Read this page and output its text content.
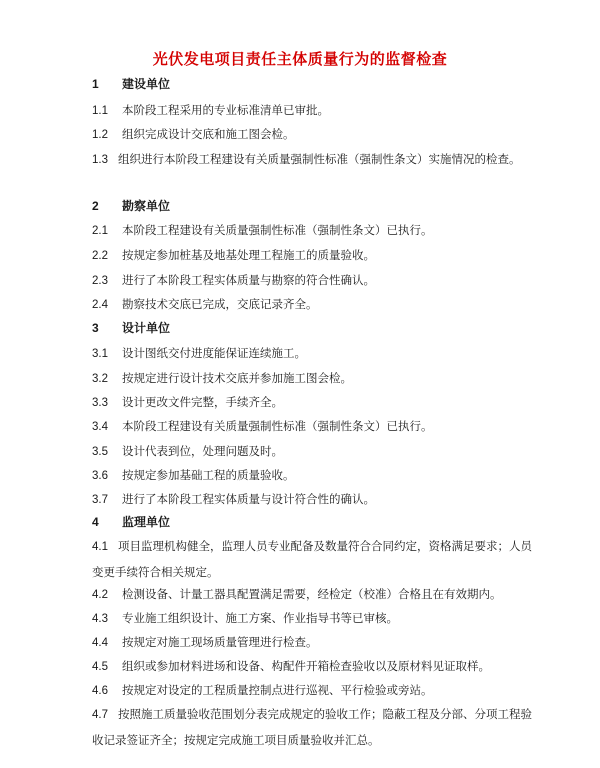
光伏发电项目责任主体质量行为的监督检查
1 建设单位
1.1 本阶段工程采用的专业标准清单已审批。
1.2 组织完成设计交底和施工图会检。
1.3 组织进行本阶段工程建设有关质量强制性标准（强制性条文）实施情况的检查。
2 勘察单位
2.1 本阶段工程建设有关质量强制性标准（强制性条文）已执行。
2.2 按规定参加桩基及地基处理工程施工的质量验收。
2.3 进行了本阶段工程实体质量与勘察的符合性确认。
2.4 勘察技术交底已完成，交底记录齐全。
3 设计单位
3.1 设计图纸交付进度能保证连续施工。
3.2 按规定进行设计技术交底并参加施工图会检。
3.3 设计更改文件完整，手续齐全。
3.4 本阶段工程建设有关质量强制性标准（强制性条文）已执行。
3.5 设计代表到位，处理问题及时。
3.6 按规定参加基础工程的质量验收。
3.7 进行了本阶段工程实体质量与设计符合性的确认。
4 监理单位
4.1 项目监理机构健全，监理人员专业配备及数量符合合同约定，资格满足要求；人员变更手续符合相关规定。
4.2 检测设备、计量工器具配置满足需要，经检定（校准）合格且在有效期内。
4.3 专业施工组织设计、施工方案、作业指导书等已审核。
4.4 按规定对施工现场质量管理进行检查。
4.5 组织或参加材料进场和设备、构配件开箱检查验收以及原材料见证取样。
4.6 按规定对设定的工程质量控制点进行巡视、平行检验或旁站。
4.7 按照施工质量验收范围划分表完成规定的验收工作；隐蔽工程及分部、分项工程验收记录签证齐全；按规定完成施工项目质量验收并汇总。
